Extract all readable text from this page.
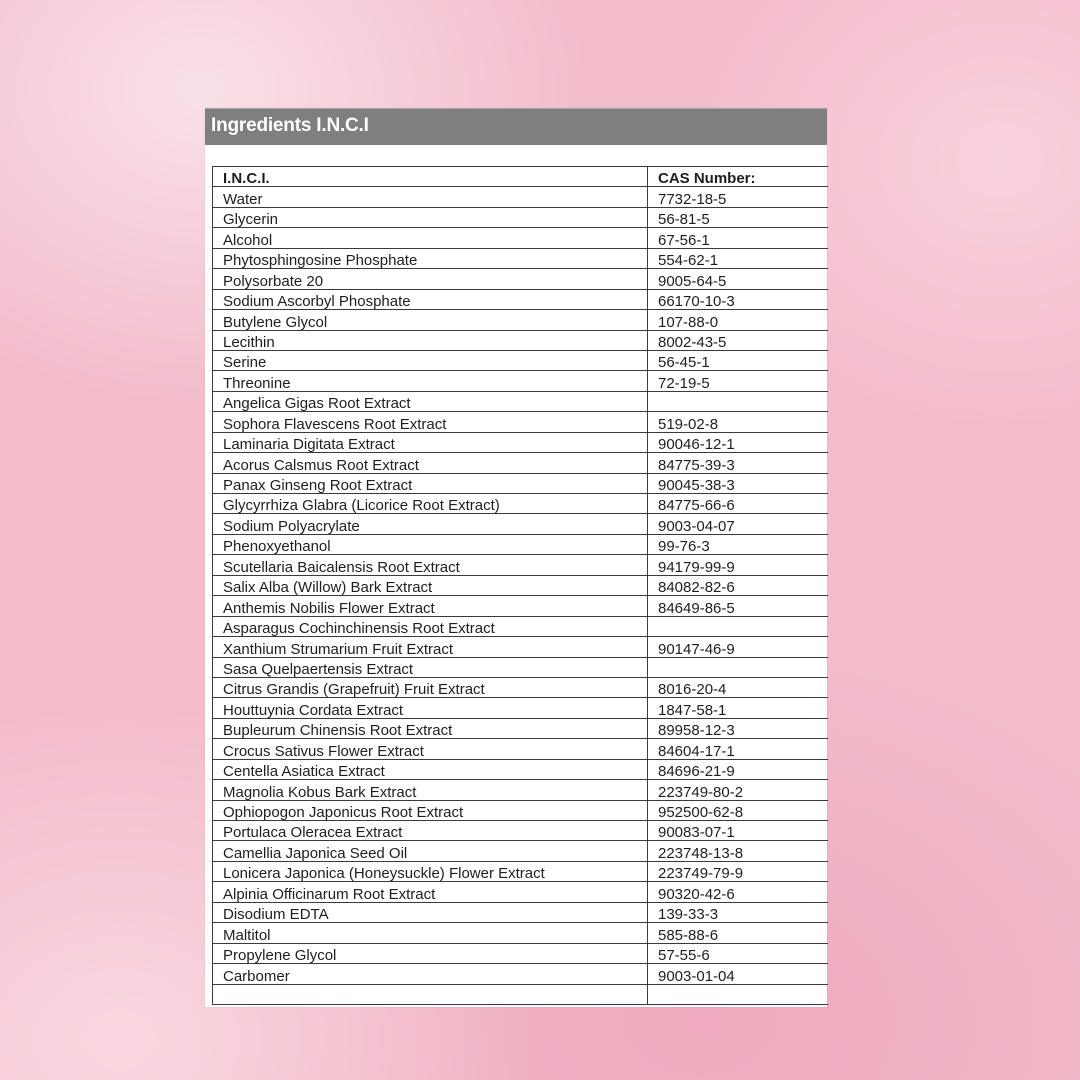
Ingredients I.N.C.I
I.N.C.I.	CAS Number:
Water	7732-18-5
Glycerin	56-81-5
Alcohol	67-56-1
Phytosphingosine Phosphate	554-62-1
Polysorbate 20	9005-64-5
Sodium Ascorbyl Phosphate	66170-10-3
Butylene Glycol	107-88-0
Lecithin	8002-43-5
Serine	56-45-1
Threonine	72-19-5
Angelica Gigas Root Extract	
Sophora Flavescens Root Extract	519-02-8
Laminaria Digitata Extract	90046-12-1
Acorus Calsmus Root Extract	84775-39-3
Panax Ginseng Root Extract	90045-38-3
Glycyrrhiza Glabra (Licorice Root Extract)	84775-66-6
Sodium Polyacrylate	9003-04-07
Phenoxyethanol	99-76-3
Scutellaria Baicalensis Root Extract	94179-99-9
Salix Alba (Willow) Bark Extract	84082-82-6
Anthemis Nobilis Flower Extract	84649-86-5
Asparagus Cochinchinensis Root Extract	
Xanthium Strumarium Fruit Extract	90147-46-9
Sasa Quelpaertensis Extract	
Citrus Grandis (Grapefruit) Fruit Extract	8016-20-4
Houttuynia Cordata Extract	1847-58-1
Bupleurum Chinensis Root Extract	89958-12-3
Crocus Sativus Flower Extract	84604-17-1
Centella Asiatica Extract	84696-21-9
Magnolia Kobus Bark Extract	223749-80-2
Ophiopogon Japonicus Root Extract	952500-62-8
Portulaca Oleracea Extract	90083-07-1
Camellia Japonica Seed Oil	223748-13-8
Lonicera Japonica (Honeysuckle) Flower Extract	223749-79-9
Alpinia Officinarum Root Extract	90320-42-6
Disodium EDTA	139-33-3
Maltitol	585-88-6
Propylene Glycol	57-55-6
Carbomer	9003-01-04
